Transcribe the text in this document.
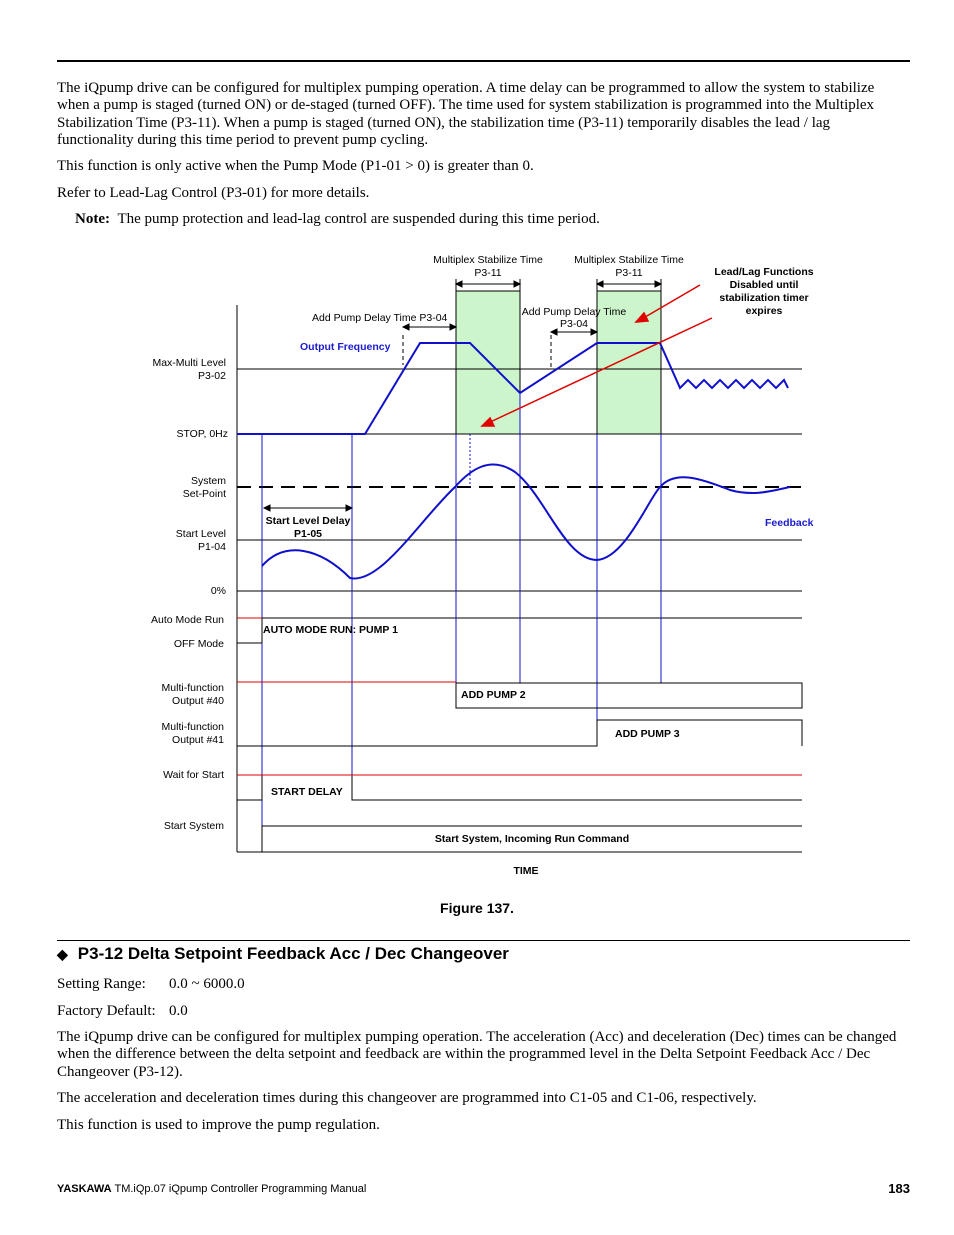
The iQpump drive can be configured for multiplex pumping operation. A time delay can be programmed to allow the system to stabilize when a pump is staged (turned ON) or de-staged (turned OFF). The time used for system stabilization is programmed into the Multiplex Stabilization Time (P3-11). When a pump is staged (turned ON), the stabilization time (P3-11) temporarily disables the lead / lag functionality during this time period to prevent pump cycling.

This function is only active when the Pump Mode (P1-01 > 0) is greater than 0.

Refer to Lead-Lag Control (P3-01) for more details.

Note: The pump protection and lead-lag control are suspended during this time period.
Multiplex Stabilize Time
P3-11
Multiplex Stabilize Time
P3-11
Add Pump Delay Time P3-04	Add Pump Delay Time
P3-04
Max-Multi Level
P3-02
STOP, 0Hz
System
Set-Point
Start Level
P1-04
0%
Auto Mode Run
OFF Mode
Multi-function
Output #40
Multi-function
Output #41
Wait for Start
Start System
Lead/Lag Functions
Disabled until
stabilization timer
expires
Start Level Delay
P1-05
AUTO MODE RUN: PUMP 1
ADD PUMP 2
ADD PUMP 3
START DELAY
Start System, Incoming Run Command
TIME
Output Frequency
Feedback
Figure 137.
◆ P3-12 Delta Setpoint Feedback Acc / Dec Changeover
Setting Range: 0.0 ~ 6000.0
Factory Default: 0.0

The iQpump drive can be configured for multiplex pumping operation. The acceleration (Acc) and deceleration (Dec) times can be changed when the difference between the delta setpoint and feedback are within the programmed level in the Delta Setpoint Feedback Acc / Dec Changeover (P3-12).

The acceleration and deceleration times during this changeover are programmed into C1-05 and C1-06, respectively.

This function is used to improve the pump regulation.

YASKAWA TM.iQp.07 iQpump Controller Programming Manual	183
